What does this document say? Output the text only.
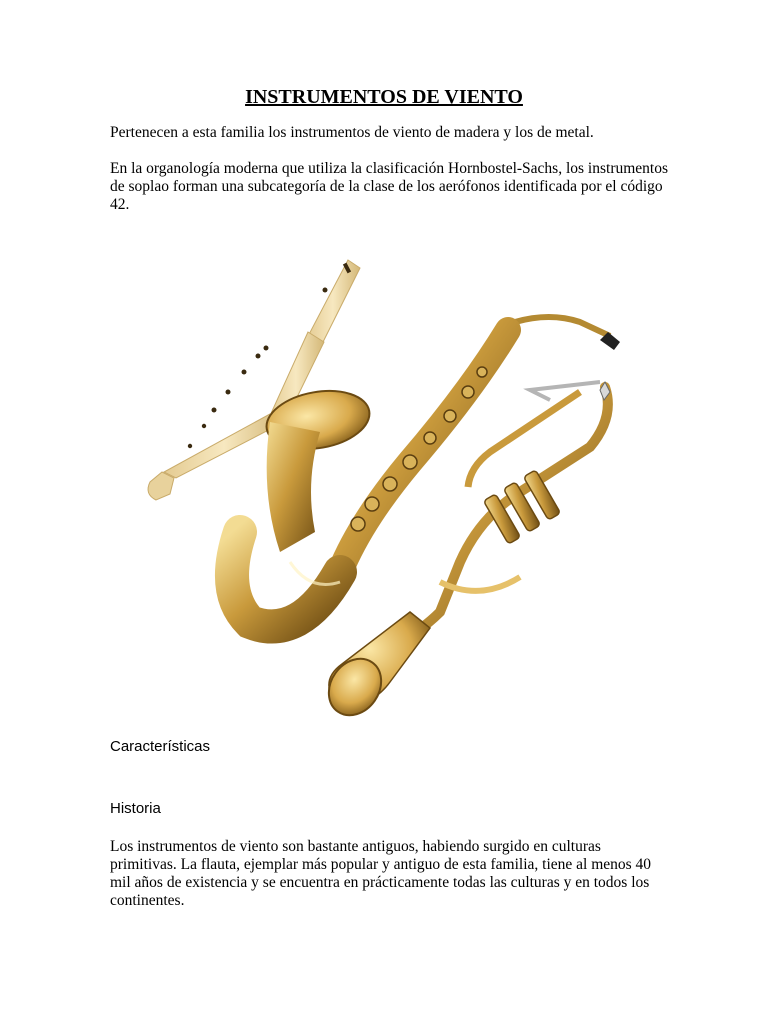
INSTRUMENTOS DE VIENTO

Pertenecen a esta familia los instrumentos de viento de madera y los de metal.

En la organología moderna que utiliza la clasificación Hornbostel-Sachs, los instrumentos de soplao forman una subcategoría de la clase de los aerófonos identificada por el código 42.

Características
Historia

Los instrumentos de viento son bastante antiguos, habiendo surgido en culturas primitivas. La flauta, ejemplar más popular y antiguo de esta familia, tiene al menos 40 mil años de existencia y se encuentra en prácticamente todas las culturas y en todos los continentes.
